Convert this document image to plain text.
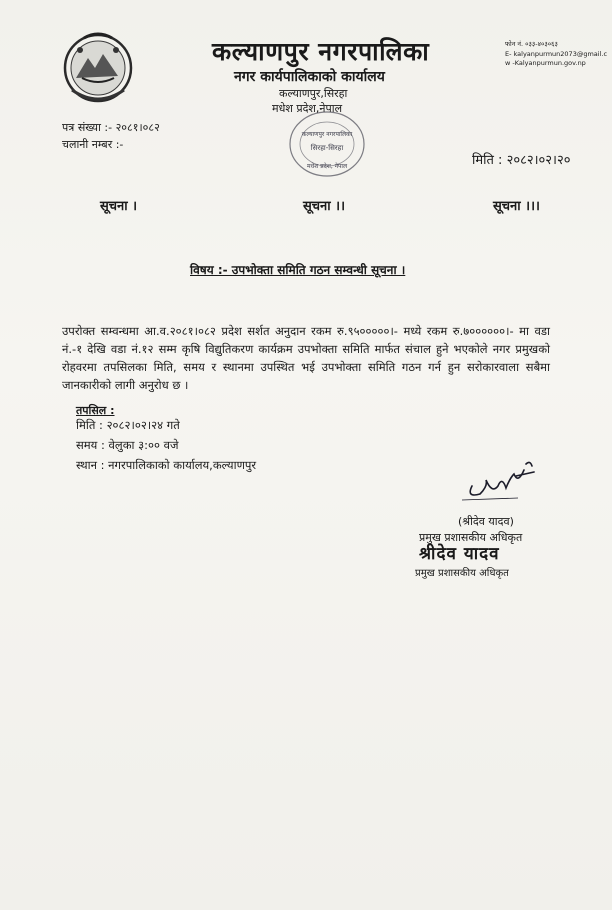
कल्याणपुर नगरपालिका
नगर कार्यपालिकाको कार्यालय
कल्याणपुर,सिरहा
मधेश प्रदेश,नेपाल
फोन नं. ०३३-४०३०६३
E- kalyanpurmun2073@gmail.c
w -Kalyanpurmun.gov.np
कल्याणपुर नगरपालिका
सिरहा-सिरहा
मधेश प्रदेश, नेपाल
पत्र संख्या :- २०८१।०८२
चलानी नम्बर :-
मिति : २०८२।०२।२०
सूचना ।	सूचना ।।	सूचना ।।।
विषय :- उपभोक्ता समिति गठन सम्वन्धी सूचना ।
उपरोक्त सम्वन्धमा आ.व.२०८१।०८२ प्रदेश सर्शत अनुदान रकम रु.९५०००००।- मध्ये रकम रु.७००००००।- मा वडा नं.-१ देखि वडा नं.१२ सम्म कृषि विद्युतिकरण कार्यक्रम उपभोक्ता समिति मार्फत संचाल हुने भएकोले नगर प्रमुखको रोहवरमा तपसिलका मिति, समय र स्थानमा उपस्थित भई उपभोक्ता समिति गठन गर्न हुन सरोकारवाला सबैमा जानकारीको लागी अनुरोध छ ।
तपसिल :
मिति : २०८२।०२।२४ गते
समय : वेलुका ३:०० वजे
स्थान : नगरपालिकाको कार्यालय,कल्याणपुर
(श्रीदेव यादव)
प्रमुख प्रशासकीय अधिकृत
श्रीदेव यादव
प्रमुख प्रशासकीय अधिकृत
